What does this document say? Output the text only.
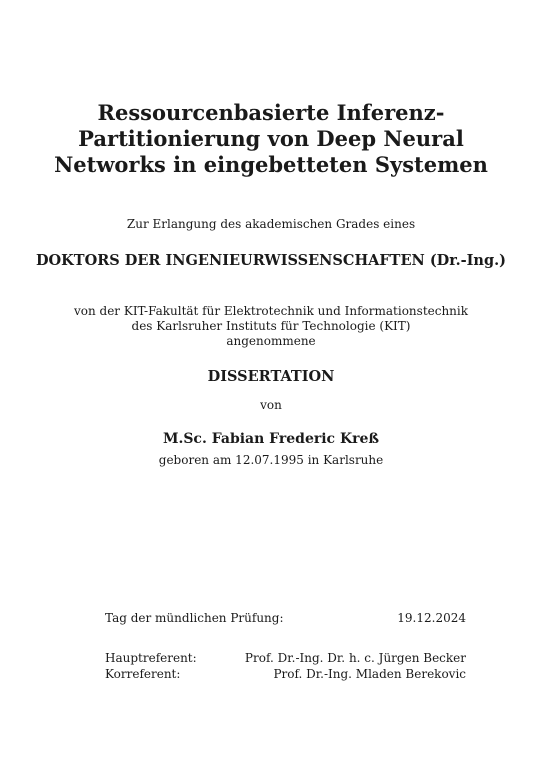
Ressourcenbasierte Inferenz-
Partitionierung von Deep Neural
Networks in eingebetteten Systemen
Zur Erlangung des akademischen Grades eines
DOKTORS DER INGENIEURWISSENSCHAFTEN (Dr.-Ing.)
von der KIT-Fakultät für Elektrotechnik und Informationstechnik
des Karlsruher Instituts für Technologie (KIT)
angenommene
DISSERTATION
von
M.Sc. Fabian Frederic Kreß
geboren am 12.07.1995 in Karlsruhe
Tag der mündlichen Prüfung:	19.12.2024
Hauptreferent:	Prof. Dr.-Ing. Dr. h. c. Jürgen Becker
Korreferent:	Prof. Dr.-Ing. Mladen Berekovic
